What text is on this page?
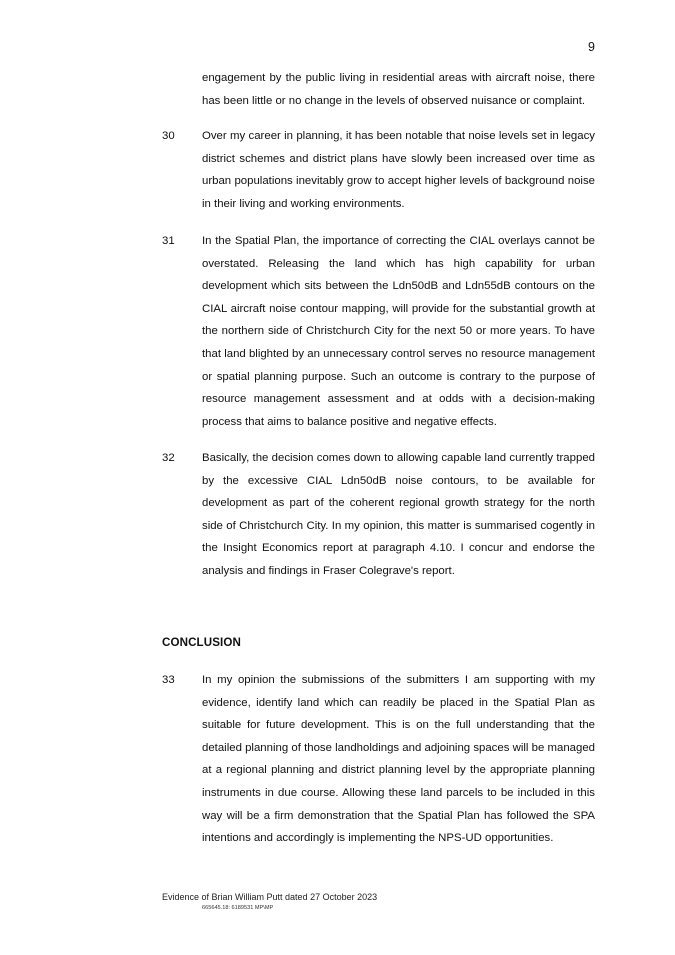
9
engagement by the public living in residential areas with aircraft noise, there has been little or no change in the levels of observed nuisance or complaint.
30	Over my career in planning, it has been notable that noise levels set in legacy district schemes and district plans have slowly been increased over time as urban populations inevitably grow to accept higher levels of background noise in their living and working environments.
31	In the Spatial Plan, the importance of correcting the CIAL overlays cannot be overstated. Releasing the land which has high capability for urban development which sits between the Ldn50dB and Ldn55dB contours on the CIAL aircraft noise contour mapping, will provide for the substantial growth at the northern side of Christchurch City for the next 50 or more years. To have that land blighted by an unnecessary control serves no resource management or spatial planning purpose. Such an outcome is contrary to the purpose of resource management assessment and at odds with a decision-making process that aims to balance positive and negative effects.
32	Basically, the decision comes down to allowing capable land currently trapped by the excessive CIAL Ldn50dB noise contours, to be available for development as part of the coherent regional growth strategy for the north side of Christchurch City. In my opinion, this matter is summarised cogently in the Insight Economics report at paragraph 4.10. I concur and endorse the analysis and findings in Fraser Colegrave's report.
CONCLUSION
33	In my opinion the submissions of the submitters I am supporting with my evidence, identify land which can readily be placed in the Spatial Plan as suitable for future development. This is on the full understanding that the detailed planning of those landholdings and adjoining spaces will be managed at a regional planning and district planning level by the appropriate planning instruments in due course. Allowing these land parcels to be included in this way will be a firm demonstration that the Spatial Plan has followed the SPA intentions and accordingly is implementing the NPS-UD opportunities.
Evidence of Brian William Putt dated 27 October 2023
665645.18: 6189531 MP\MP
